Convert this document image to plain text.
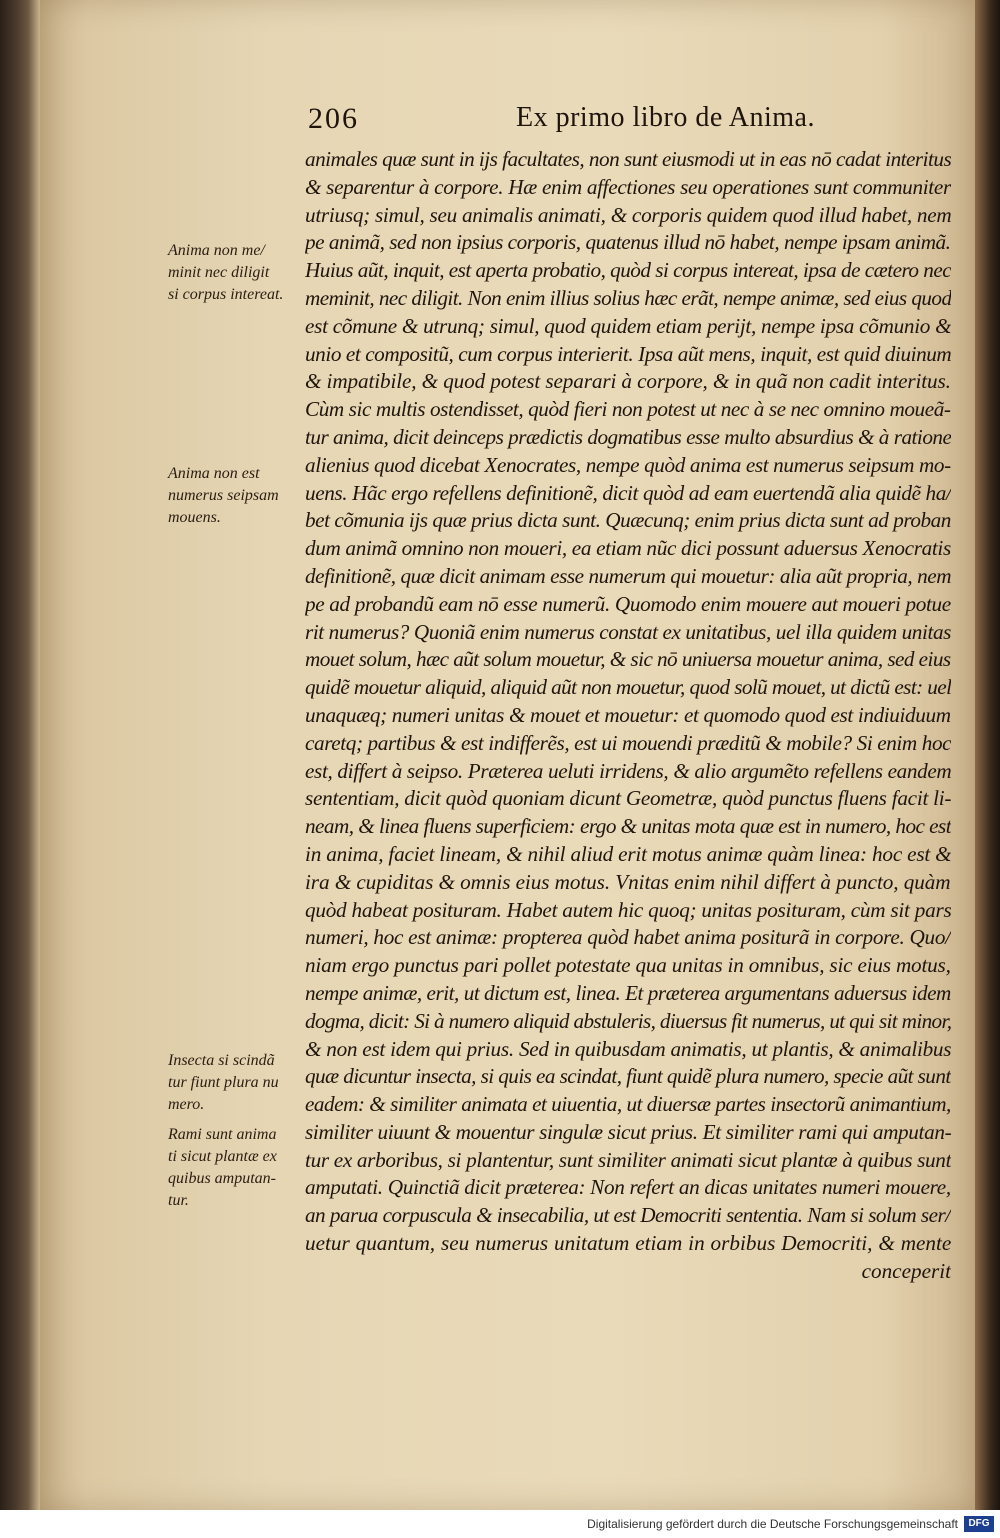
206	Ex primo libro de Anima.
animales quæ sunt in ijs facultates, non sunt eiusmodi ut in eas nō cadat interitus
& separentur à corpore. Hæ enim affectiones seu operationes sunt communiter
utriusq; simul, seu animalis animati, & corporis quidem quod illud habet, nem
pe animã, sed non ipsius corporis, quatenus illud nō habet, nempe ipsam animã.
Huius aũt, inquit, est aperta probatio, quòd si corpus intereat, ipsa de cætero nec
meminit, nec diligit. Non enim illius solius hæc erãt, nempe animæ, sed eius quod
est cõmune & utrunq; simul, quod quidem etiam perijt, nempe ipsa cõmunio &
unio et compositũ, cum corpus interierit. Ipsa aũt mens, inquit, est quid diuinum
& impatibile, & quod potest separari à corpore, & in quã non cadit interitus.
Cùm sic multis ostendisset, quòd fieri non potest ut nec à se nec omnino moueã-
tur anima, dicit deinceps prædictis dogmatibus esse multo absurdius & à ratione
alienius quod dicebat Xenocrates, nempe quòd anima est numerus seipsum mo-
uens. Hãc ergo refellens definitionẽ, dicit quòd ad eam euertendã alia quidẽ ha/
bet cõmunia ijs quæ prius dicta sunt. Quæcunq; enim prius dicta sunt ad proban
dum animã omnino non moueri, ea etiam nũc dici possunt aduersus Xenocratis
definitionẽ, quæ dicit animam esse numerum qui mouetur: alia aũt propria, nem
pe ad probandũ eam nō esse numerũ. Quomodo enim mouere aut moueri potue
rit numerus? Quoniã enim numerus constat ex unitatibus, uel illa quidem unitas
mouet solum, hæc aũt solum mouetur, & sic nō uniuersa mouetur anima, sed eius
quidẽ mouetur aliquid, aliquid aũt non mouetur, quod solũ mouet, ut dictũ est: uel
unaquæq; numeri unitas & mouet et mouetur: et quomodo quod est indiuiduum
caretq; partibus & est indifferẽs, est ui mouendi præditũ & mobile? Si enim hoc
est, differt à seipso. Præterea ueluti irridens, & alio argumẽto refellens eandem
sententiam, dicit quòd quoniam dicunt Geometræ, quòd punctus fluens facit li-
neam, & linea fluens superficiem: ergo & unitas mota quæ est in numero, hoc est
in anima, faciet lineam, & nihil aliud erit motus animæ quàm linea: hoc est &
ira & cupiditas & omnis eius motus. Vnitas enim nihil differt à puncto, quàm
quòd habeat posituram. Habet autem hic quoq; unitas posituram, cùm sit pars
numeri, hoc est animæ: propterea quòd habet anima positurã in corpore. Quo/
niam ergo punctus pari pollet potestate qua unitas in omnibus, sic eius motus,
nempe animæ, erit, ut dictum est, linea. Et præterea argumentans aduersus idem
dogma, dicit: Si à numero aliquid abstuleris, diuersus fit numerus, ut qui sit minor,
& non est idem qui prius. Sed in quibusdam animatis, ut plantis, & animalibus
quæ dicuntur insecta, si quis ea scindat, fiunt quidẽ plura numero, specie aũt sunt
eadem: & similiter animata et uiuentia, ut diuersæ partes insectorũ animantium,
similiter uiuunt & mouentur singulæ sicut prius. Et similiter rami qui amputan-
tur ex arboribus, si plantentur, sunt similiter animati sicut plantæ à quibus sunt
amputati. Quinctiã dicit præterea: Non refert an dicas unitates numeri mouere,
an parua corpuscula & insecabilia, ut est Democriti sententia. Nam si solum ser/
uetur quantum, seu numerus unitatum etiam in orbibus Democriti, & mente
conceperit
Anima non me/
minit nec diligit
si corpus intereat.
Anima non est
numerus seipsam
mouens.
Insecta si scindã
tur fiunt plura nu
mero.
Rami sunt anima
ti sicut plantæ ex
quibus amputan-
tur.
Digitalisierung gefördert durch die Deutsche Forschungsgemeinschaft	DFG
